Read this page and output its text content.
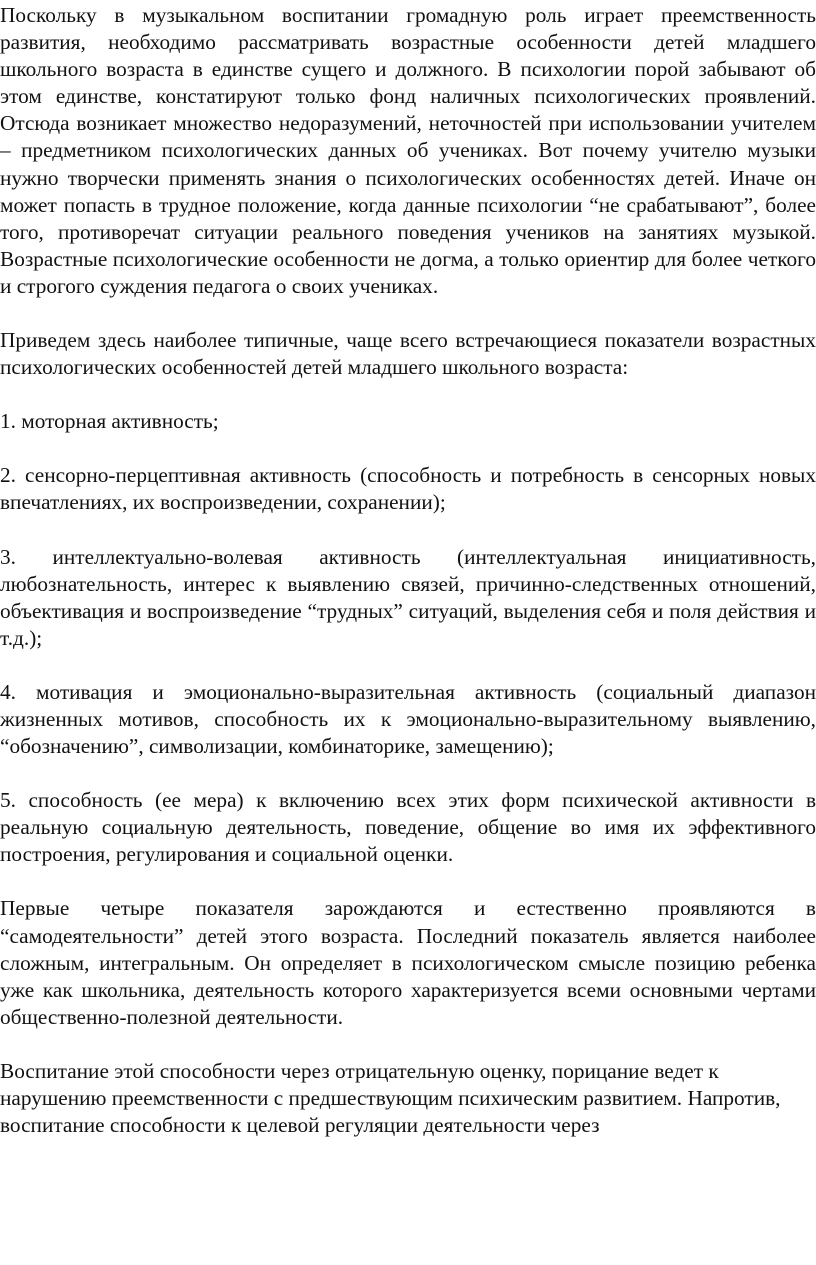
Поскольку в музыкальном воспитании громадную роль играет преемственность развития, необходимо рассматривать возрастные особенности детей младшего школьного возраста в единстве сущего и должного. В психологии порой забывают об этом единстве, констатируют только фонд наличных психологических проявлений. Отсюда возникает множество недоразумений, неточностей при использовании учителем – предметником психологических данных об учениках. Вот почему учителю музыки нужно творчески применять знания о психологических особенностях детей. Иначе он может попасть в трудное положение, когда данные психологии “не срабатывают”, более того, противоречат ситуации реального поведения учеников на занятиях музыкой. Возрастные психологические особенности не догма, а только ориентир для более четкого и строгого суждения педагога о своих учениках.

Приведем здесь наиболее типичные, чаще всего встречающиеся показатели возрастных психологических особенностей детей младшего школьного возраста:

1. моторная активность;

2. сенсорно-перцептивная активность (способность и потребность в сенсорных новых впечатлениях, их воспроизведении, сохранении);

3. интеллектуально-волевая активность (интеллектуальная инициативность, любознательность, интерес к выявлению связей, причинно-следственных отношений, объективация и воспроизведение “трудных” ситуаций, выделения себя и поля действия и т.д.);

4. мотивация и эмоционально-выразительная активность (социальный диапазон жизненных мотивов, способность их к эмоционально-выразительному выявлению, “обозначению”, символизации, комбинаторике, замещению);

5. способность (ее мера) к включению всех этих форм психической активности в реальную социальную деятельность, поведение, общение во имя их эффективного построения, регулирования и социальной оценки.

Первые четыре показателя зарождаются и естественно проявляются в “самодеятельности” детей этого возраста. Последний показатель является наиболее сложным, интегральным. Он определяет в психологическом смысле позицию ребенка уже как школьника, деятельность которого характеризуется всеми основными чертами общественно-полезной деятельности.

Воспитание этой способности через отрицательную оценку, порицание ведет к нарушению преемственности с предшествующим психическим развитием. Напротив, воспитание способности к целевой регуляции деятельности через
